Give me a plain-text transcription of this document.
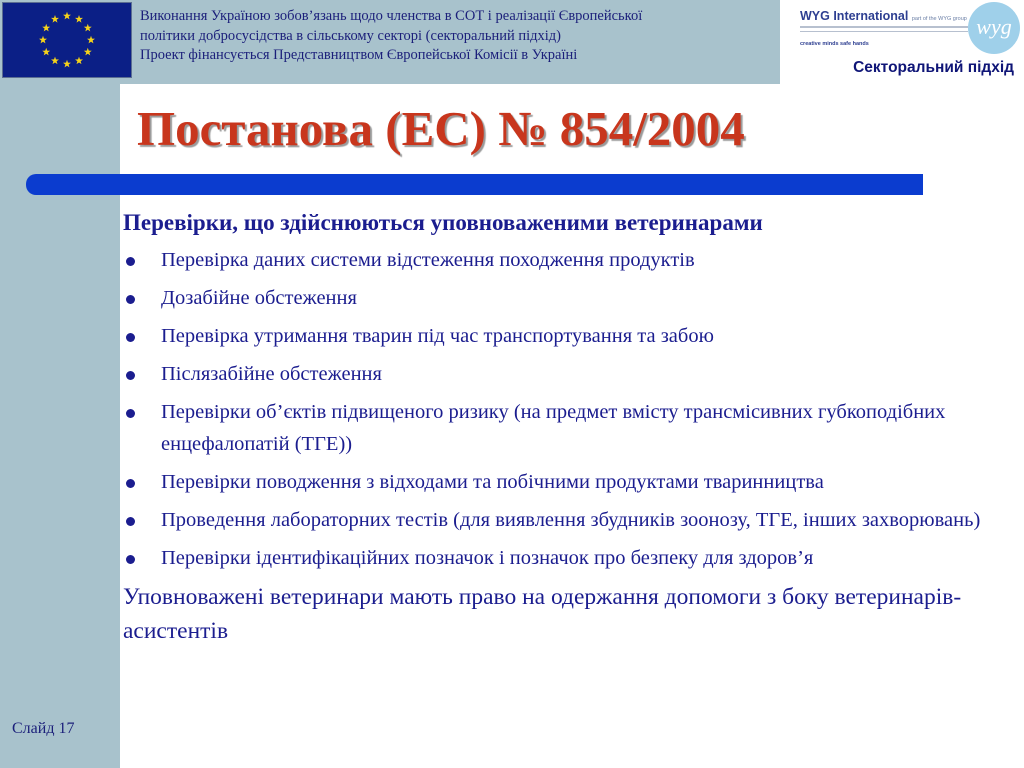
Виконання Україною зобов’язань щодо членства в СОТ і реалізації Європейської
політики добросусідства в сільському секторі (секторальний підхід)
Проект фінансується Представництвом Європейської Комісії в Україні
WYG International part of the WYG group
creative minds safe hands
wyg
Секторальний підхід
Постанова (ЕС) № 854/2004
Перевірки, що здійснюються уповноваженими ветеринарами
Перевірка даних системи відстеження походження продуктів
Дозабійне обстеження
Перевірка утримання тварин під час транспортування та забою
Післязабійне обстеження
Перевірки об’єктів підвищеного ризику (на предмет вмісту трансмісивних губкоподібних енцефалопатій (ТГЕ))
Перевірки поводження з відходами та побічними продуктами тваринництва
Проведення лабораторних тестів (для виявлення збудників зоонозу, ТГЕ, інших захворювань)
Перевірки ідентифікаційних позначок і позначок про безпеку для здоров’я
Уповноважені ветеринари мають право на одержання допомоги з боку ветеринарів-асистентів
Слайд 17
